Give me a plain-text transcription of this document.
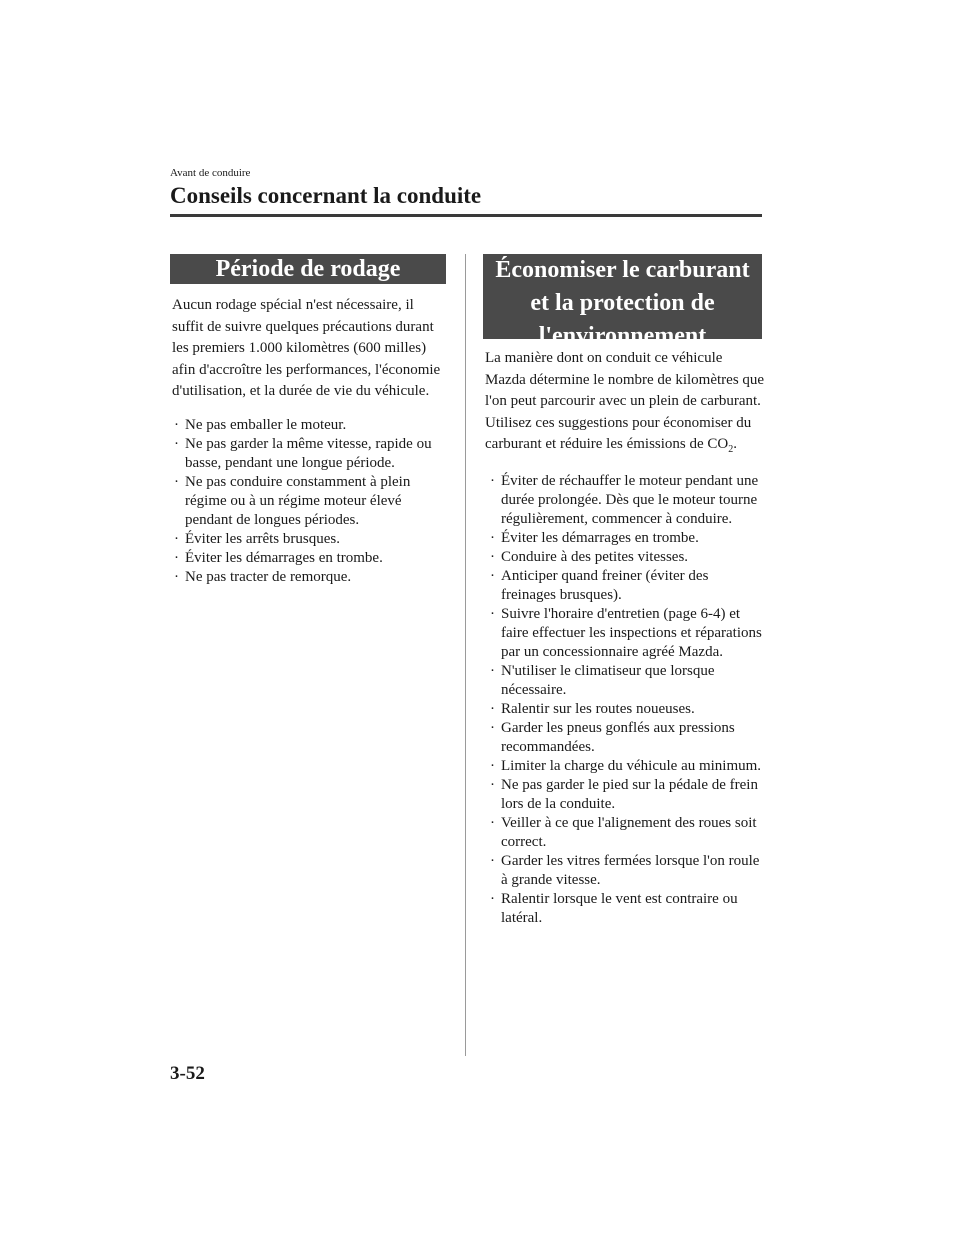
Avant de conduire
Conseils concernant la conduite
Période de rodage
Aucun rodage spécial n'est nécessaire, il suffit de suivre quelques précautions durant les premiers 1.000 kilomètres (600 milles) afin d'accroître les performances, l'économie d'utilisation, et la durée de vie du véhicule.
· Ne pas emballer le moteur.
· Ne pas garder la même vitesse, rapide ou basse, pendant une longue période.
· Ne pas conduire constamment à plein régime ou à un régime moteur élevé pendant de longues périodes.
· Éviter les arrêts brusques.
· Éviter les démarrages en trombe.
· Ne pas tracter de remorque.
Économiser le carburant
et la protection de
l'environnement
La manière dont on conduit ce véhicule Mazda détermine le nombre de kilomètres que l'on peut parcourir avec un plein de carburant. Utilisez ces suggestions pour économiser du carburant et réduire les émissions de $CO_2$.
· Éviter de réchauffer le moteur pendant une durée prolongée. Dès que le moteur tourne régulièrement, commencer à conduire.
· Éviter les démarrages en trombe.
· Conduire à des petites vitesses.
· Anticiper quand freiner (éviter des freinages brusques).
· Suivre l'horaire d'entretien (page 6-4) et faire effectuer les inspections et réparations par un concessionnaire agréé Mazda.
· N'utiliser le climatiseur que lorsque nécessaire.
· Ralentir sur les routes noueuses.
· Garder les pneus gonflés aux pressions recommandées.
· Limiter la charge du véhicule au minimum.
· Ne pas garder le pied sur la pédale de frein lors de la conduite.
· Veiller à ce que l'alignement des roues soit correct.
· Garder les vitres fermées lorsque l'on roule à grande vitesse.
· Ralentir lorsque le vent est contraire ou latéral.
3-52
